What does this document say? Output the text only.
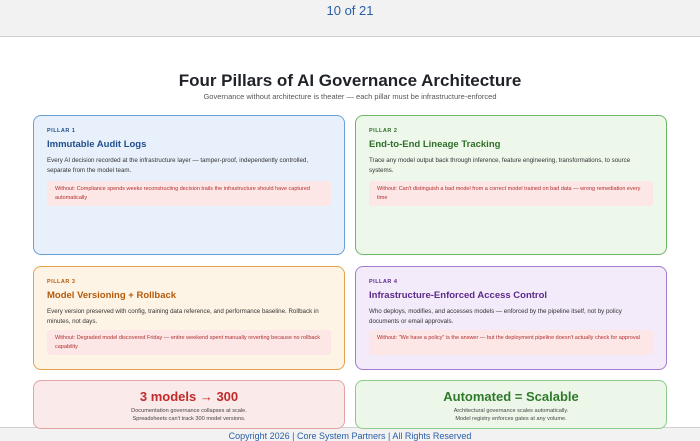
10 of 21
Four Pillars of AI Governance Architecture
Governance without architecture is theater — each pillar must be infrastructure-enforced
PILLAR 1
Immutable Audit Logs
Every AI decision recorded at the infrastructure layer — tamper-proof, independently controlled, separate from the model team.
Without: Compliance spends weeks reconstructing decision trails the infrastructure should have captured automatically
PILLAR 2
End-to-End Lineage Tracking
Trace any model output back through inference, feature engineering, transformations, to source systems.
Without: Can't distinguish a bad model from a correct model trained on bad data — wrong remediation every time
PILLAR 3
Model Versioning + Rollback
Every version preserved with config, training data reference, and performance baseline. Rollback in minutes, not days.
Without: Degraded model discovered Friday — entire weekend spent manually reverting because no rollback capability
PILLAR 4
Infrastructure-Enforced Access Control
Who deploys, modifies, and accesses models — enforced by the pipeline itself, not by policy documents or email approvals.
Without: "We have a policy" is the answer — but the deployment pipeline doesn't actually check for approval
3 models → 300
Documentation governance collapses at scale.
Spreadsheets can't track 300 model versions.
Automated = Scalable
Architectural governance scales automatically.
Model registry enforces gates at any volume.
Copyright 2026 | Core System Partners | All Rights Reserved
